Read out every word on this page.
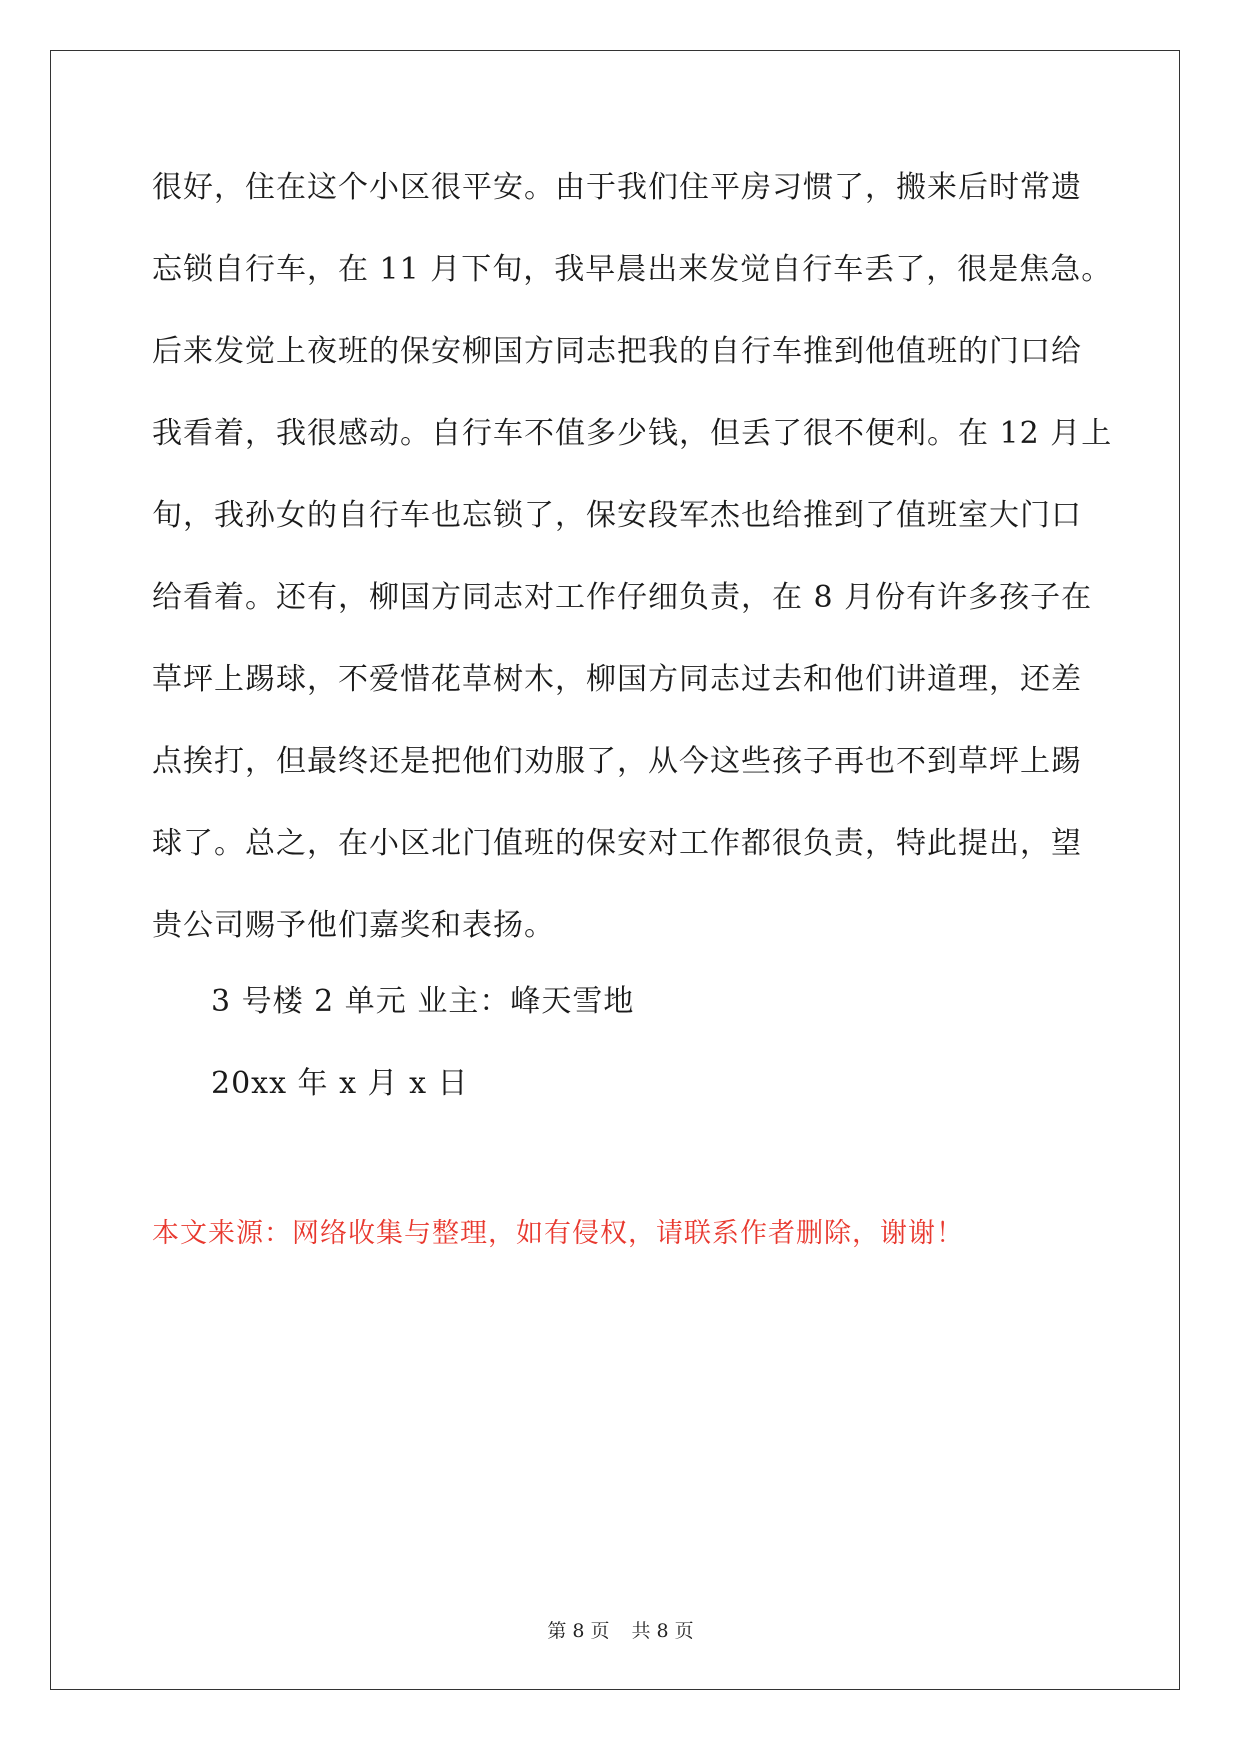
很好，住在这个小区很平安。由于我们住平房习惯了，搬来后时常遗
忘锁自行车，在 11 月下旬，我早晨出来发觉自行车丢了，很是焦急。
后来发觉上夜班的保安柳国方同志把我的自行车推到他值班的门口给
我看着，我很感动。自行车不值多少钱，但丢了很不便利。在 12 月上
旬，我孙女的自行车也忘锁了，保安段军杰也给推到了值班室大门口
给看着。还有，柳国方同志对工作仔细负责，在 8 月份有许多孩子在
草坪上踢球，不爱惜花草树木，柳国方同志过去和他们讲道理，还差
点挨打，但最终还是把他们劝服了，从今这些孩子再也不到草坪上踢
球了。总之，在小区北门值班的保安对工作都很负责，特此提出，望
贵公司赐予他们嘉奖和表扬。
3 号楼 2 单元 业主：峰天雪地
20xx 年 x 月 x 日
本文来源：网络收集与整理，如有侵权，请联系作者删除，谢谢！
第 8 页 共 8 页
